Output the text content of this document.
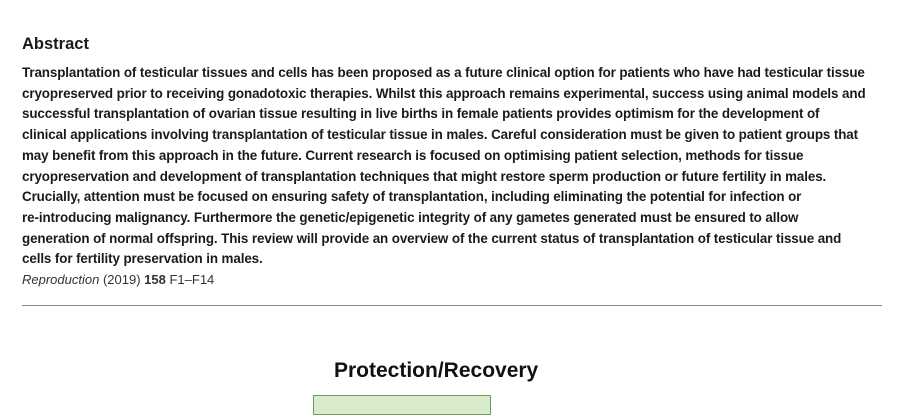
Abstract

Transplantation of testicular tissues and cells has been proposed as a future clinical option for patients who have had testicular tissue
cryopreserved prior to receiving gonadotoxic therapies. Whilst this approach remains experimental, success using animal models and
successful transplantation of ovarian tissue resulting in live births in female patients provides optimism for the development of
clinical applications involving transplantation of testicular tissue in males. Careful consideration must be given to patient groups that
may benefit from this approach in the future. Current research is focused on optimising patient selection, methods for tissue
cryopreservation and development of transplantation techniques that might restore sperm production or future fertility in males.
Crucially, attention must be focused on ensuring safety of transplantation, including eliminating the potential for infection or
re-introducing malignancy. Furthermore the genetic/epigenetic integrity of any gametes generated must be ensured to allow
generation of normal offspring. This review will provide an overview of the current status of transplantation of testicular tissue and
cells for fertility preservation in males.

Reproduction (2019) 158 F1–F14
Protection/Recovery
